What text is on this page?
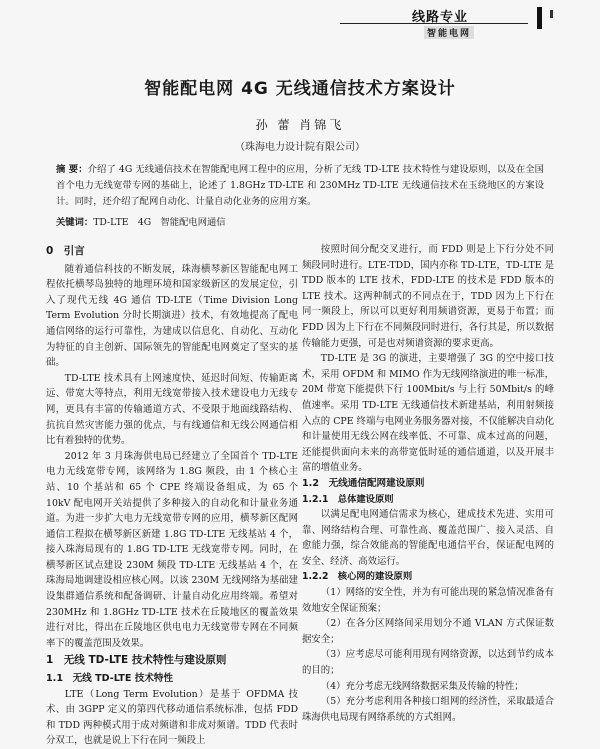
线路专业
智能电网
智能配电网 4G 无线通信技术方案设计
孙 蕾 肖锦飞
（珠海电力设计院有限公司）
摘 要：介绍了 4G 无线通信技术在智能配电网工程中的应用，分析了无线 TD-LTE 技术特性与建设原则，以及在全国首个电力无线宽带专网的基础上，论述了 1.8GHz TD-LTE 和 230MHz TD-LTE 无线通信技术在玉绕地区的方案设计。同时，还介绍了配网自动化、计量自动化业务的应用方案。
关键词：TD-LTE　4G　智能配电网通信
0　引言

随着通信科技的不断发展，珠海横琴新区智能配电网工程依托横琴岛独特的地理环境和国家级新区的发展定位，引入了现代无线 4G 通信 TD-LTE（Time Division Long Term Evolution 分时长期演进）技术，有效地提高了配电通信网络的运行可靠性，为建成以信息化、自动化、互动化为特征的自主创新、国际领先的智能配电网奠定了坚实的基础。

TD-LTE 技术具有上网速度快、延迟时间短、传输距离远、带宽大等特点，利用无线宽带接入技术建设电力无线专网，更具有丰富的传输通道方式、不受限于地面线路结构、抗抗自然灾害能力强的优点，与有线通信和无线公网通信相比有着独特的优势。

2012 年 3 月珠海供电局已经建立了全国首个 TD-LTE 电力无线宽带专网，该网络为 1.8G 频段，由 1 个核心主站、10 个基站和 65 个 CPE 终端设备组成，为 65 个 10kV 配电网开关站提供了多种接入的自动化和计量业务通道。为进一步扩大电力无线宽带专网的应用，横琴新区配网通信工程拟在横琴新区新建 1.8G TD-LTE 无线基站 4 个，接入珠海局现有的 1.8G TD-LTE 无线宽带专网。同时，在横琴新区试点建设 230M 频段 TD-LTE 无线基站 4 个，在珠海局地调建设相应核心网。以该 230M 无线网络为基础建设集群通信系统和配备调研、计量自动化应用终端。希望对 230MHz 和 1.8GHz TD-LTE 技术在丘陵地区的覆盖效果进行对比，得出在丘陵地区供电电力无线宽带专网在不同频率下的覆盖范围及效果。

1　无线 TD-LTE 技术特性与建设原则
1.1　无线 TD-LTE 技术特性

LTE（Long Term Evolution）是基于 OFDMA 技术、由 3GPP 定义的第四代移动通信系统标准，包括 FDD 和 TDD 两种模式用于成对频谱和非成对频谱。TDD 代表时分双工，也就是说上下行在同一频段上

按照时间分配交叉进行，而 FDD 则是上下行分处不同频段同时进行。LTE-TDD，国内亦称 TD-LTE，TD-LTE 是 TDD 版本的 LTE 技术，FDD-LTE 的技术是 FDD 版本的 LTE 技术。这两种制式的不同点在于，TDD 因为上下行在同一频段上，所以可以更好利用频谱资源，更易于布置；而 FDD 因为上下行在不同频段同时进行，各行其是，所以数据传输能力更强，可是也对频谱资源的要求更高。

TD-LTE 是 3G 的演进，主要增强了 3G 的空中接口技术，采用 OFDM 和 MIMO 作为无线网络演进的唯一标准，20M 带宽下能提供下行 100Mbit/s 与上行 50Mbit/s 的峰值速率。采用 TD-LTE 无线通信技术新建基站，利用射频接入点的 CPE 终端与电网业务服务器对接，不仅能解决自动化和计量使用无线公网在线率低、不可靠、成本过高的问题，还能提供面向未来的高带宽低时延的通信通道，以及开展丰富的增值业务。

1.2　无线通信配网建设原则
1.2.1　总体建设原则

以满足配电网通信需求为核心，建成技术先进、实用可靠、网络结构合理、可靠性高、覆盖范围广、接入灵活、自愈能力强，综合效能高的智能配电通信平台，保证配电网的安全、经济、高效运行。

1.2.2　核心网的建设原则

（1）网络的安全性，并为有可能出现的紧急情况准备有效地安全保证预案；

（2）在各分区网络间采用划分不通 VLAN 方式保证数据安全；

（3）应考虑尽可能利用现有网络资源，以达到节约成本的目的；

（4）充分考虑无线网络数据采集及传输的特性；

（5）充分考虑利用各种接口组网的经济性，采取最适合珠海供电局现有网络系统的方式组网。
